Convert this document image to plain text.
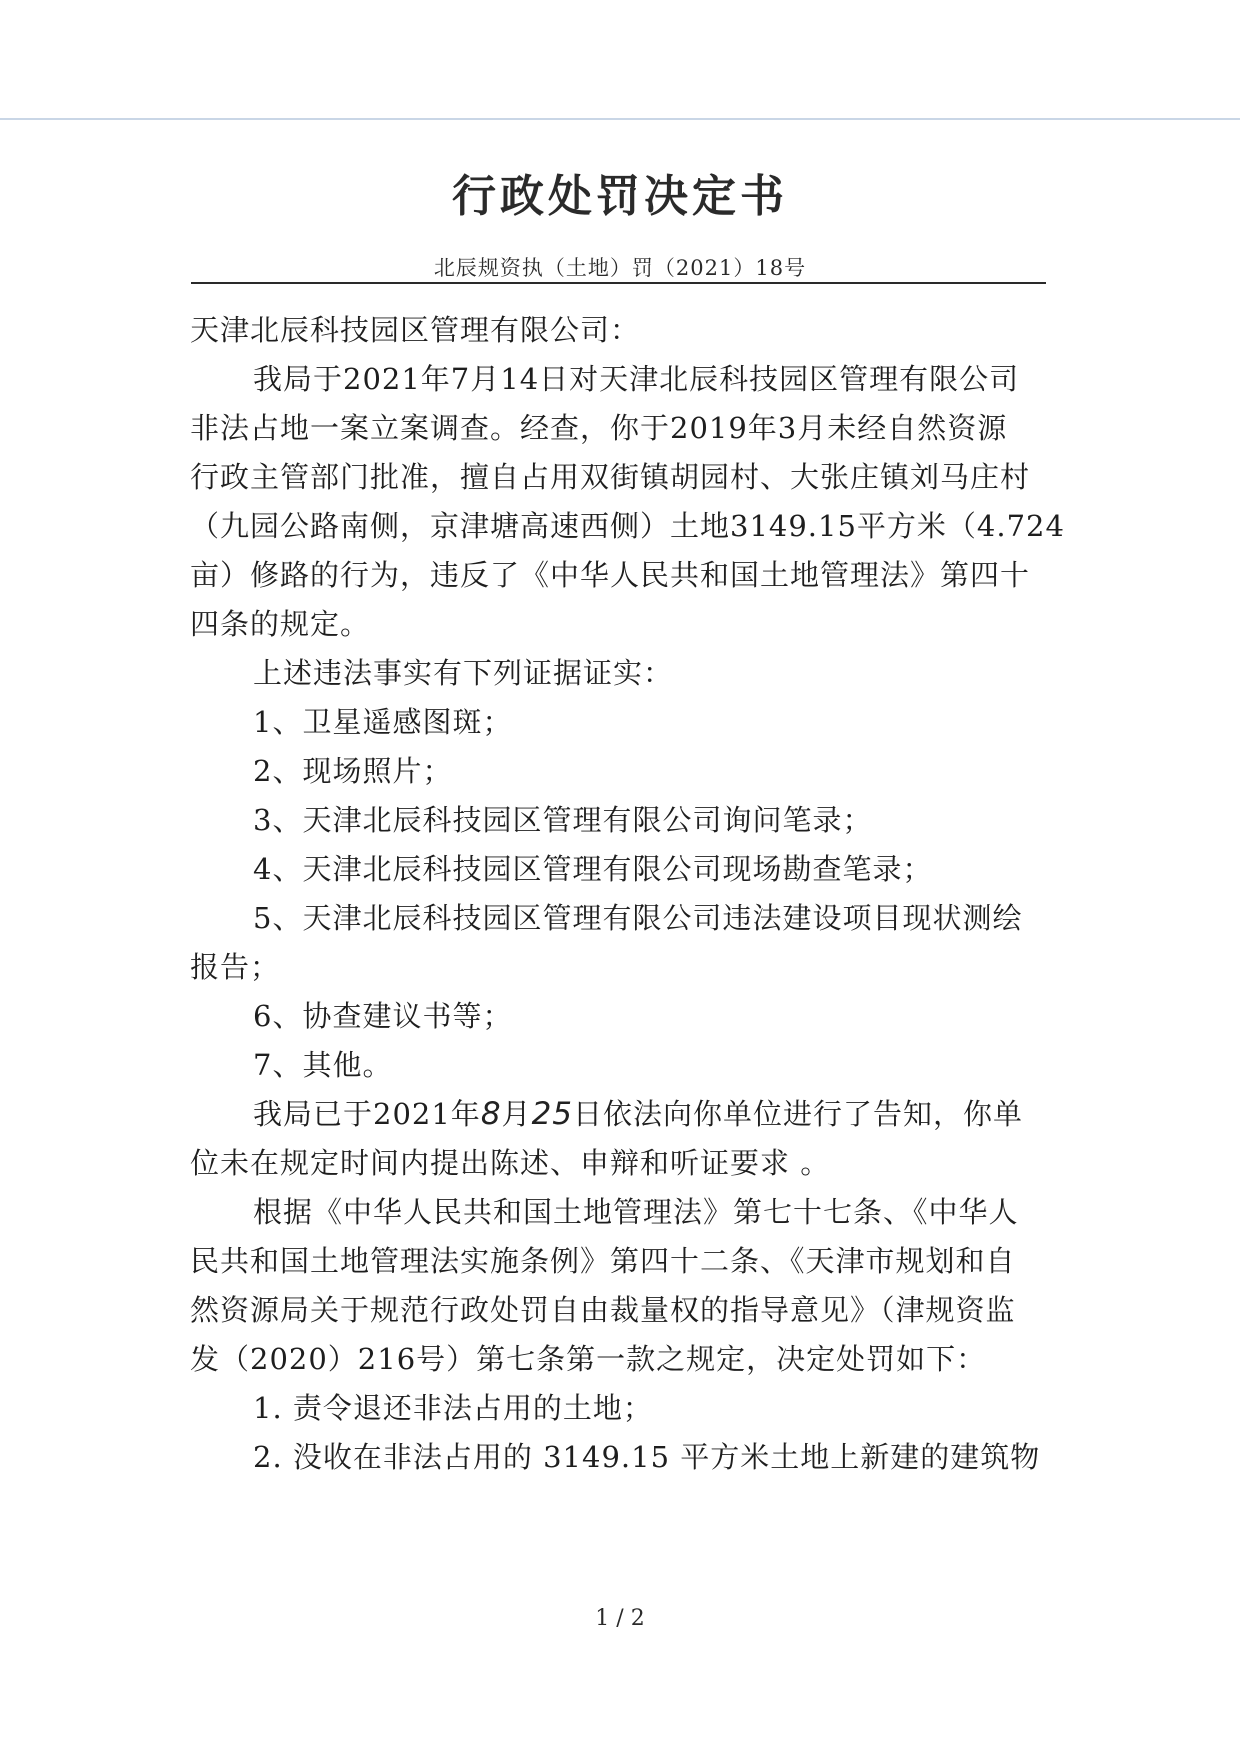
行政处罚决定书
北辰规资执（土地）罚（2021）18号
天津北辰科技园区管理有限公司：
我局于2021年7月14日对天津北辰科技园区管理有限公司
非法占地一案立案调查。经查，你于2019年3月未经自然资源
行政主管部门批准，擅自占用双街镇胡园村、大张庄镇刘马庄村
（九园公路南侧，京津塘高速西侧）土地3149.15平方米（4.724
亩）修路的行为，违反了《中华人民共和国土地管理法》第四十
四条的规定。
上述违法事实有下列证据证实：
1、卫星遥感图斑；
2、现场照片；
3、天津北辰科技园区管理有限公司询问笔录；
4、天津北辰科技园区管理有限公司现场勘查笔录；
5、天津北辰科技园区管理有限公司违法建设项目现状测绘
报告；
6、协查建议书等；
7、其他。
我局已于2021年8月25日依法向你单位进行了告知，你单
位未在规定时间内提出陈述、申辩和听证要求 。
根据《中华人民共和国土地管理法》第七十七条、《中华人
民共和国土地管理法实施条例》第四十二条、《天津市规划和自
然资源局关于规范行政处罚自由裁量权的指导意见》（津规资监
发（2020）216号）第七条第一款之规定，决定处罚如下：
1. 责令退还非法占用的土地；
2. 没收在非法占用的 3149.15 平方米土地上新建的建筑物
1 / 2
